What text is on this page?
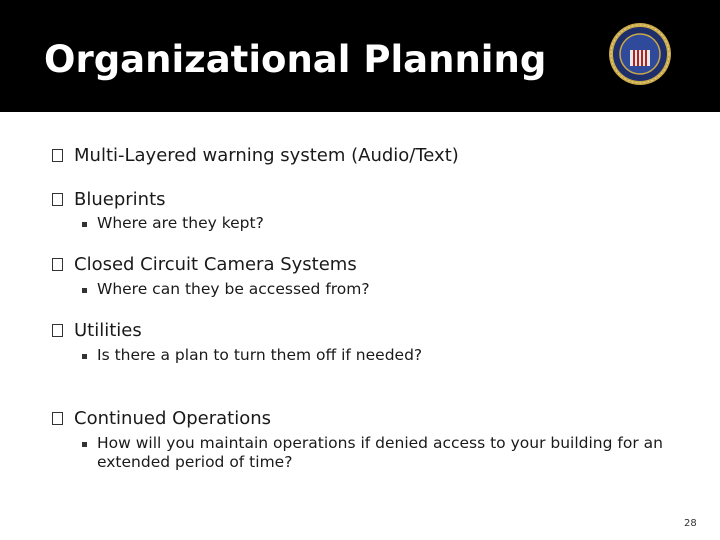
Organizational Planning
Multi-Layered warning system (Audio/Text)
Blueprints
Where are they kept?
Closed Circuit Camera Systems
Where can they be accessed from?
Utilities
Is there a plan to turn them off if needed?
Continued Operations
How will you maintain operations if denied access to your building for an extended period of time?
28
